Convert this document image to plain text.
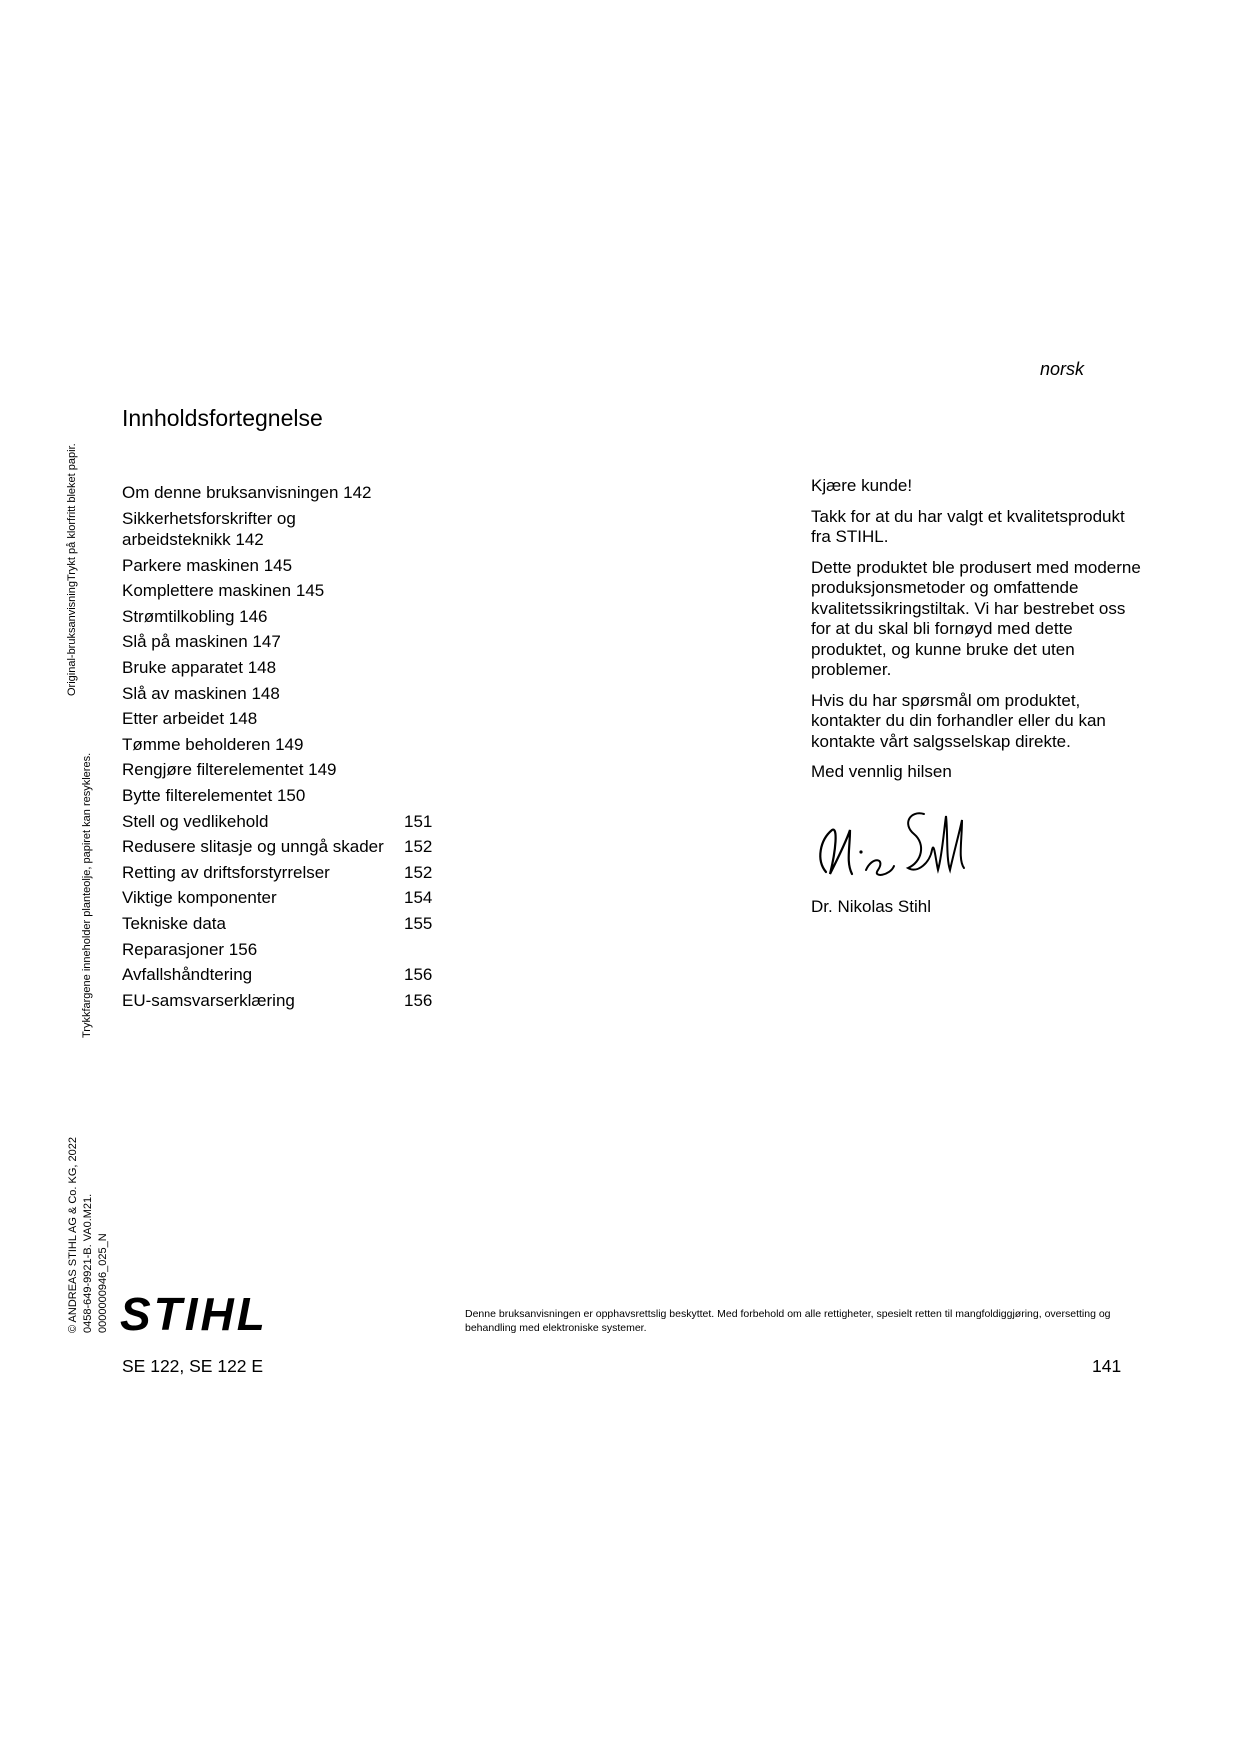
norsk
Innholdsfortegnelse
Om denne bruksanvisningen 142
Sikkerhetsforskrifter og arbeidsteknikk 142
Parkere maskinen 145
Komplettere maskinen 145
Strømtilkobling 146
Slå på maskinen 147
Bruke apparatet 148
Slå av maskinen 148
Etter arbeidet 148
Tømme beholderen 149
Rengjøre filterelementet 149
Bytte filterelementet 150
Stell og vedlikehold	151
Redusere slitasje og unngå skader 152
Retting av driftsforstyrrelser	152
Viktige komponenter	154
Tekniske data	155
Reparasjoner 156
Avfallshåndtering	156
EU-samsvarserklæring	156

Kjære kunde!

Takk for at du har valgt et kvalitetsprodukt fra STIHL.

Dette produktet ble produsert med moderne produksjonsmetoder og omfattende kvalitetssikringstiltak. Vi har bestrebet oss for at du skal bli fornøyd med dette produktet, og kunne bruke det uten problemer.

Hvis du har spørsmål om produktet, kontakter du din forhandler eller du kan kontakte vårt salgsselskap direkte.

Med vennlig hilsen

Dr. Nikolas Stihl
Original-bruksanvisningTrykt på klorfritt bleket papir.
Trykkfargene inneholder planteolje, papiret kan resykleres.
© ANDREAS STIHL AG & Co. KG, 2022 0458-649-9921-B. VA0.M21. 0000000946_025_N STIHL	Denne bruksanvisningen er opphavsrettslig beskyttet. Med forbehold om alle rettigheter, spesielt retten til mangfoldiggjøring, oversetting og behandling med elektroniske systemer.
SE 122, SE 122 E	141
